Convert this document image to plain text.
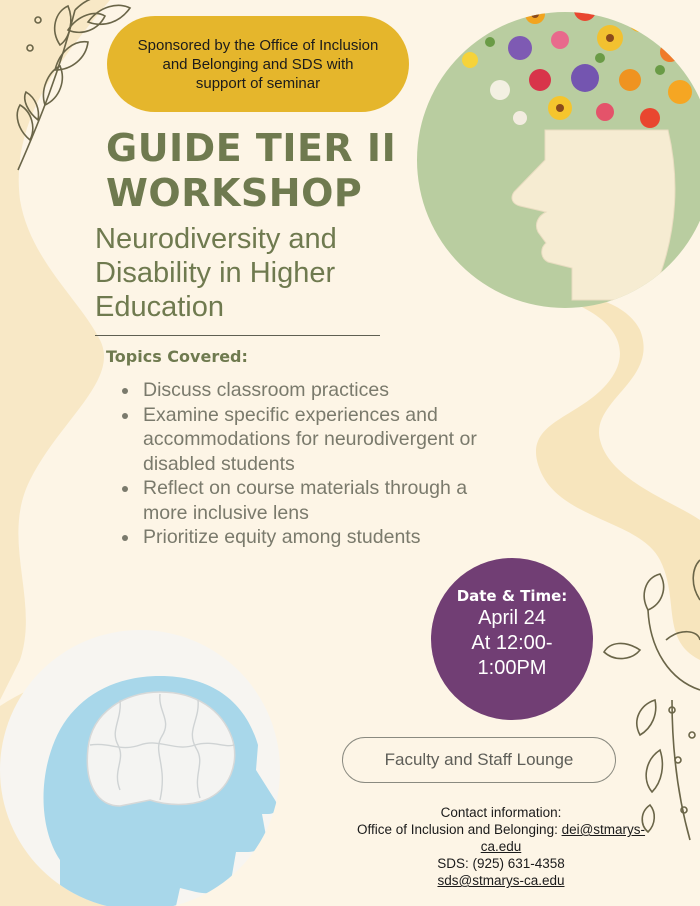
Sponsored by the Office of Inclusion
and Belonging and SDS with
support of seminar
GUIDE TIER II
WORKSHOP
Neurodiversity and
Disability in Higher
Education
Topics Covered:
Discuss classroom practices
Examine specific experiences and
accommodations for neurodivergent or
disabled students
Reflect on course materials through a
more inclusive lens
Prioritize equity among students
Date & Time:
April 24
At 12:00-
1:00PM
Faculty and Staff Lounge
Contact information:
Office of Inclusion and Belonging: dei@stmarys-
ca.edu
SDS: (925) 631-4358
sds@stmarys-ca.edu
